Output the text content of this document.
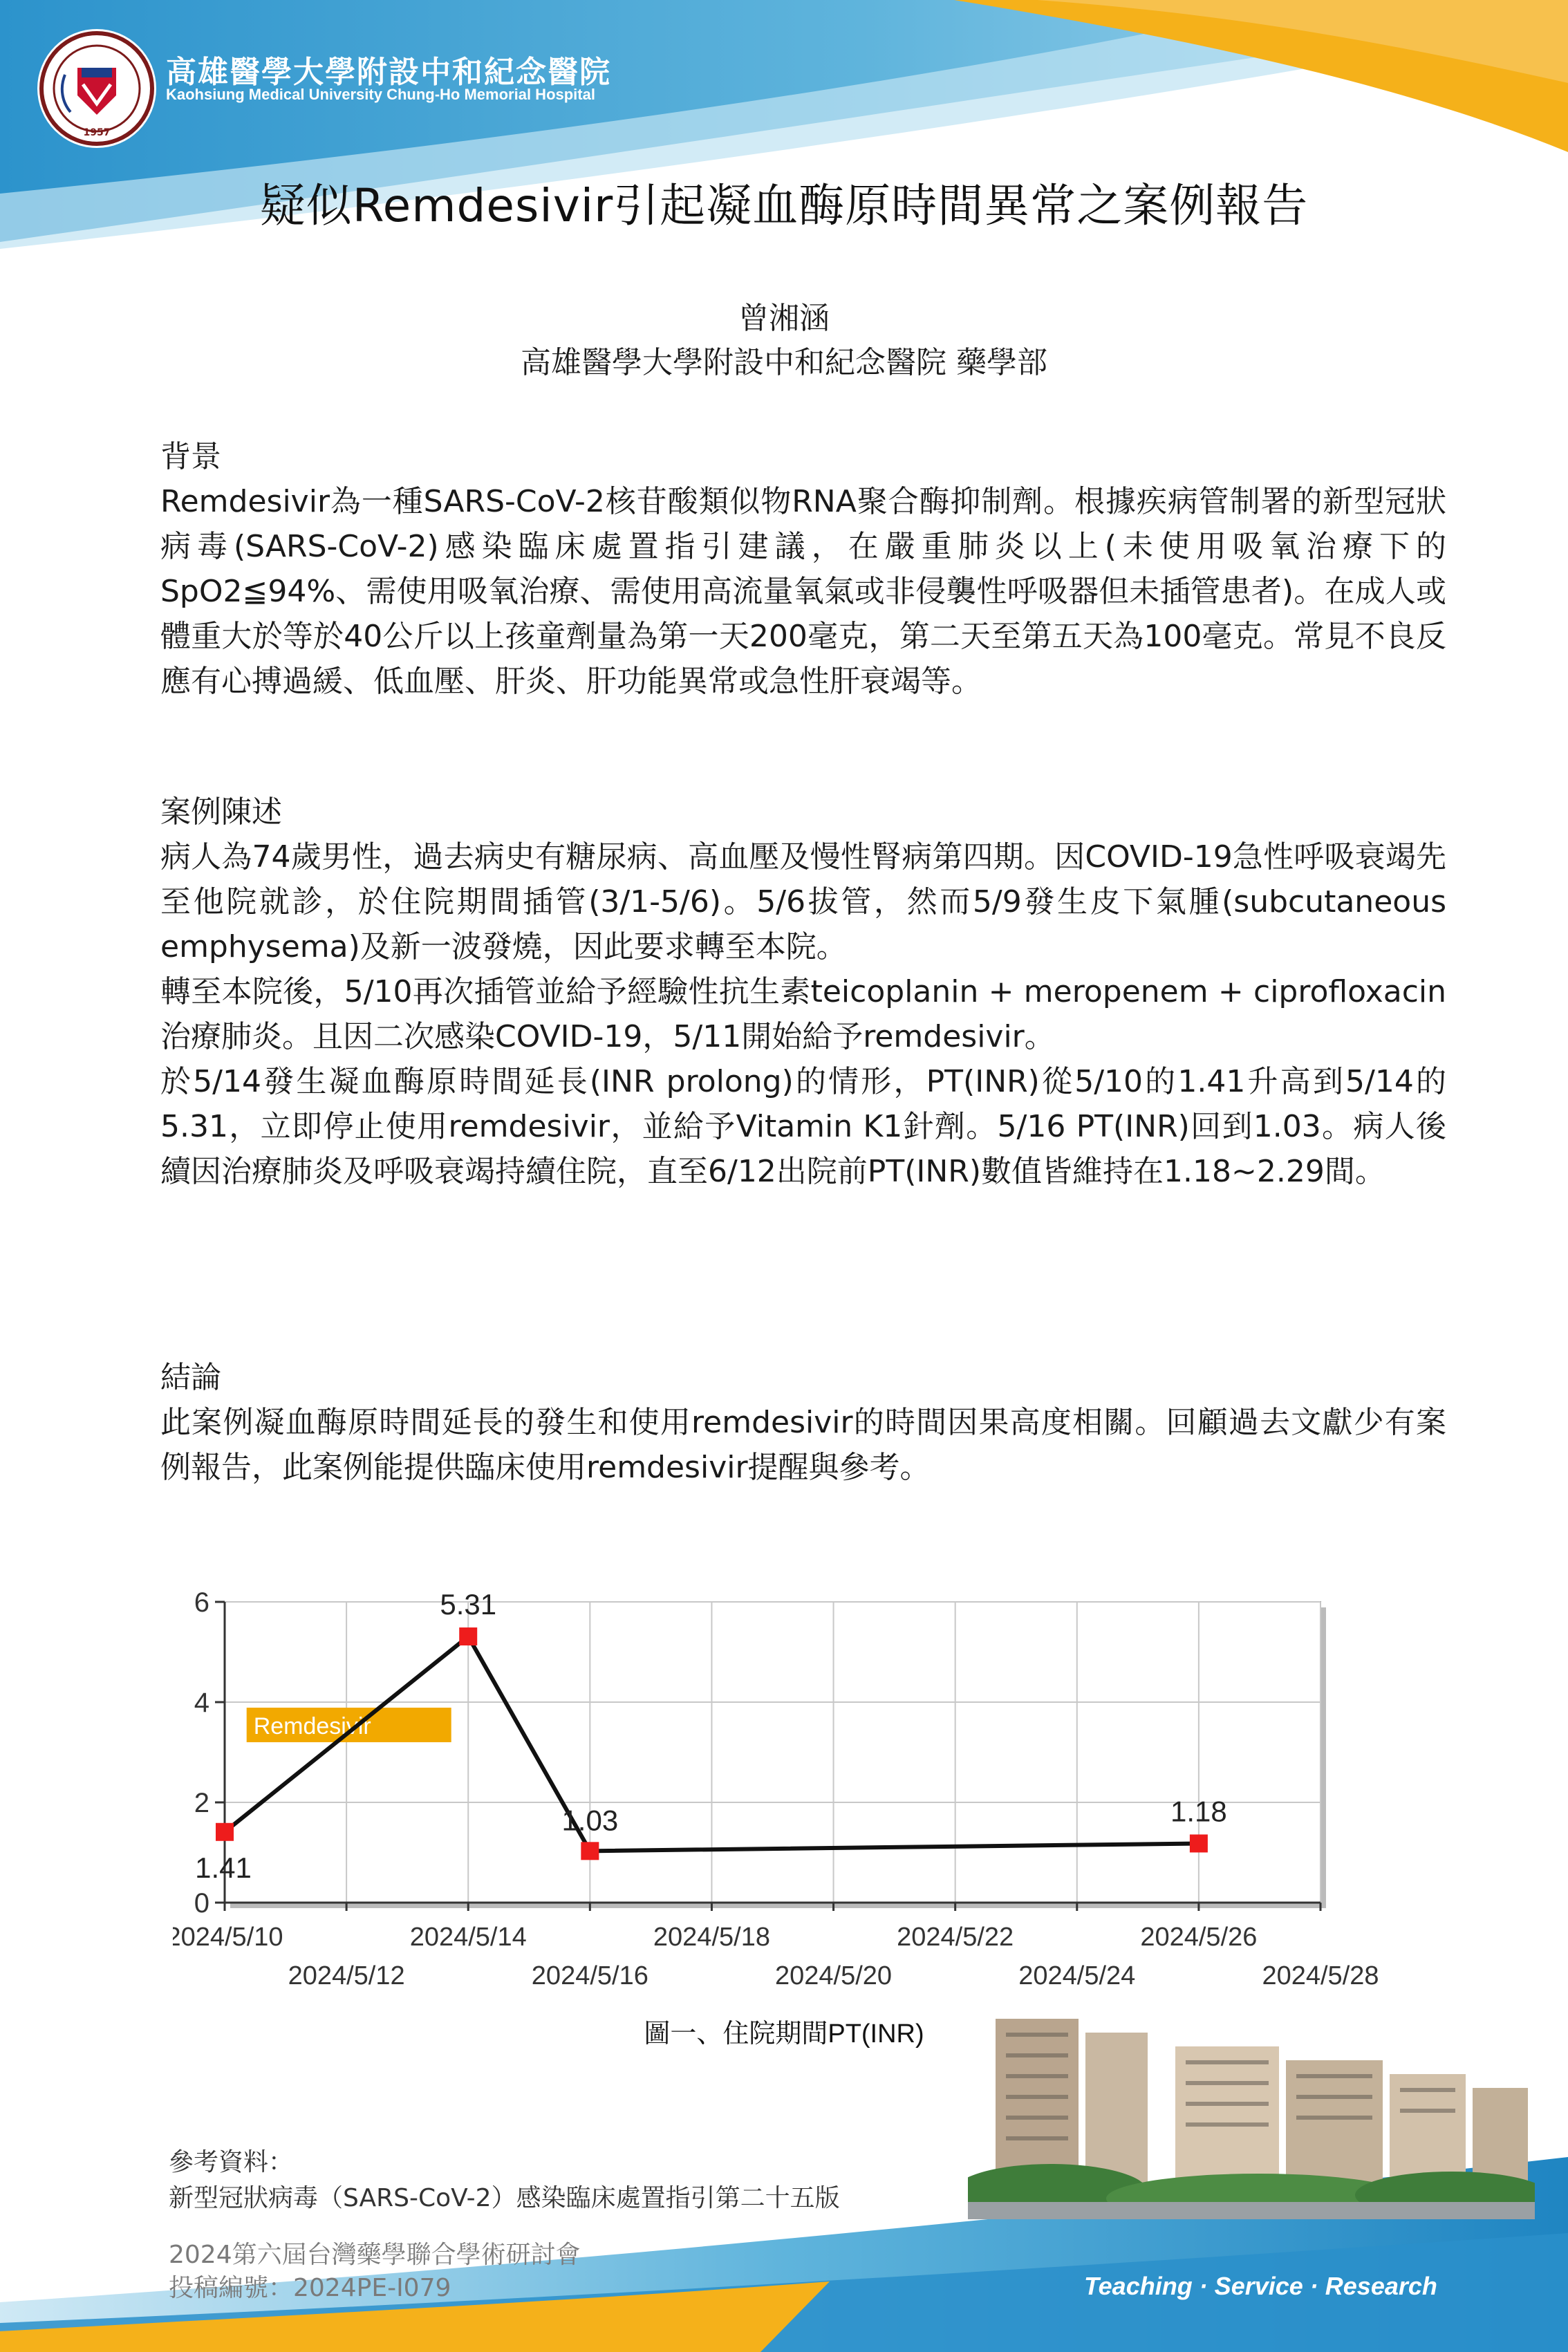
1957
高雄醫學大學附設中和紀念醫院
Kaohsiung Medical University Chung-Ho Memorial Hospital
疑似Remdesivir引起凝血酶原時間異常之案例報告
曾湘涵
高雄醫學大學附設中和紀念醫院 藥學部
背景

Remdesivir為一種SARS-CoV-2核苷酸類似物RNA聚合酶抑制劑。根據疾病管制署的新型冠狀病毒(SARS-CoV-2)感染臨床處置指引建議，在嚴重肺炎以上(未使用吸氧治療下的SpO2≦94%、需使用吸氧治療、需使用高流量氧氣或非侵襲性呼吸器但未插管患者)。在成人或體重大於等於40公斤以上孩童劑量為第一天200毫克，第二天至第五天為100毫克。常見不良反應有心搏過緩、低血壓、肝炎、肝功能異常或急性肝衰竭等。

案例陳述

病人為74歲男性，過去病史有糖尿病、高血壓及慢性腎病第四期。因COVID-19急性呼吸衰竭先至他院就診，於住院期間插管(3/1-5/6)。5/6拔管，然而5/9發生皮下氣腫(subcutaneous emphysema)及新一波發燒，因此要求轉至本院。

轉至本院後，5/10再次插管並給予經驗性抗生素teicoplanin + meropenem + ciprofloxacin治療肺炎。且因二次感染COVID-19，5/11開始給予remdesivir。

於5/14發生凝血酶原時間延長(INR prolong)的情形，PT(INR)從5/10的1.41升高到5/14的5.31，立即停止使用remdesivir，並給予Vitamin K1針劑。5/16 PT(INR)回到1.03。病人後續因治療肺炎及呼吸衰竭持續住院，直至6/12出院前PT(INR)數值皆維持在1.18~2.29間。

結論

此案例凝血酶原時間延長的發生和使用remdesivir的時間因果高度相關。回顧過去文獻少有案例報告，此案例能提供臨床使用remdesivir提醒與參考。

0
2
4
6
2024/5/10
2024/5/12
2024/5/14
2024/5/16
2024/5/18
2024/5/20
2024/5/22
2024/5/24
2024/5/26
2024/5/28
Remdesivir
1.41
5.31
1.03	1.18
圖一、住院期間PT(INR)
參考資料：
新型冠狀病毒（SARS-CoV-2）感染臨床處置指引第二十五版
2024第六屆台灣藥學聯合學術研討會
投稿編號：2024PE-I079	Teaching · Service · Research
